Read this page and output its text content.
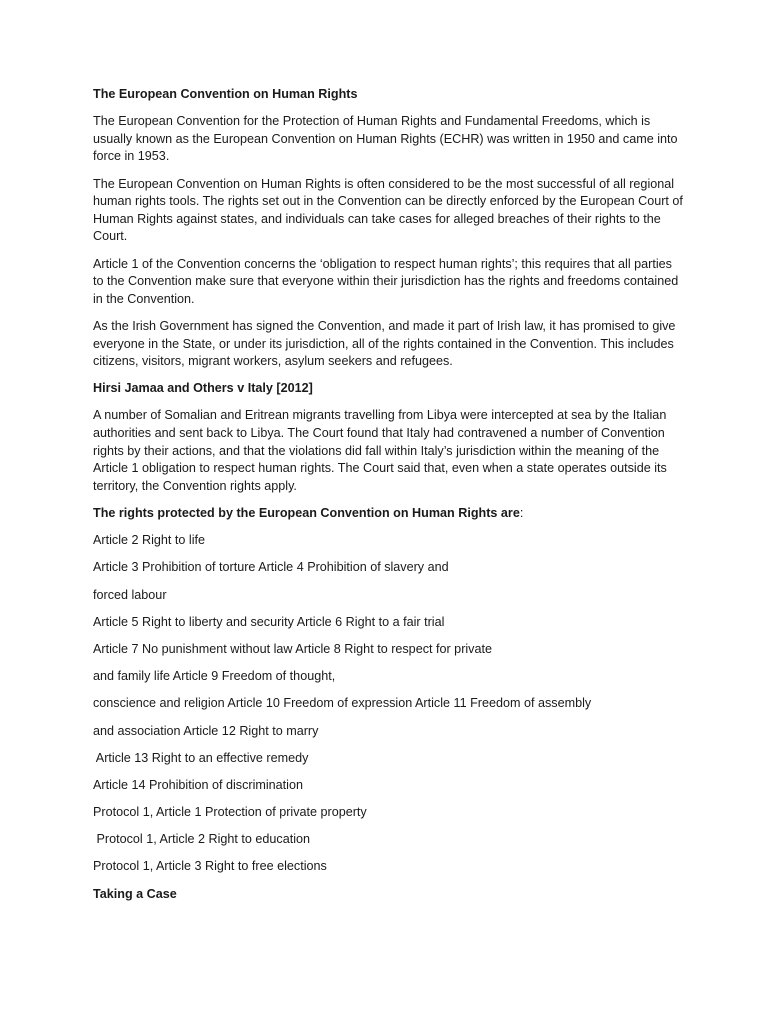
The European Convention on Human Rights

The European Convention for the Protection of Human Rights and Fundamental Freedoms, which is usually known as the European Convention on Human Rights (ECHR) was written in 1950 and came into force in 1953.

The European Convention on Human Rights is often considered to be the most successful of all regional human rights tools. The rights set out in the Convention can be directly enforced by the European Court of Human Rights against states, and individuals can take cases for alleged breaches of their rights to the Court.

Article 1 of the Convention concerns the ‘obligation to respect human rights’; this requires that all parties to the Convention make sure that everyone within their jurisdiction has the rights and freedoms contained in the Convention.

As the Irish Government has signed the Convention, and made it part of Irish law, it has promised to give everyone in the State, or under its jurisdiction, all of the rights contained in the Convention. This includes citizens, visitors, migrant workers, asylum seekers and refugees.

Hirsi Jamaa and Others v Italy [2012]

A number of Somalian and Eritrean migrants travelling from Libya were intercepted at sea by the Italian authorities and sent back to Libya. The Court found that Italy had contravened a number of Convention rights by their actions, and that the violations did fall within Italy’s jurisdiction within the meaning of the Article 1 obligation to respect human rights. The Court said that, even when a state operates outside its territory, the Convention rights apply.

The rights protected by the European Convention on Human Rights are:

Article 2 Right to life

Article 3 Prohibition of torture Article 4 Prohibition of slavery and

forced labour

Article 5 Right to liberty and security Article 6 Right to a fair trial

Article 7 No punishment without law Article 8 Right to respect for private

and family life Article 9 Freedom of thought,

conscience and religion Article 10 Freedom of expression Article 11 Freedom of assembly

and association Article 12 Right to marry

Article 13 Right to an effective remedy

Article 14 Prohibition of discrimination

Protocol 1, Article 1 Protection of private property

Protocol 1, Article 2 Right to education

Protocol 1, Article 3 Right to free elections

Taking a Case
